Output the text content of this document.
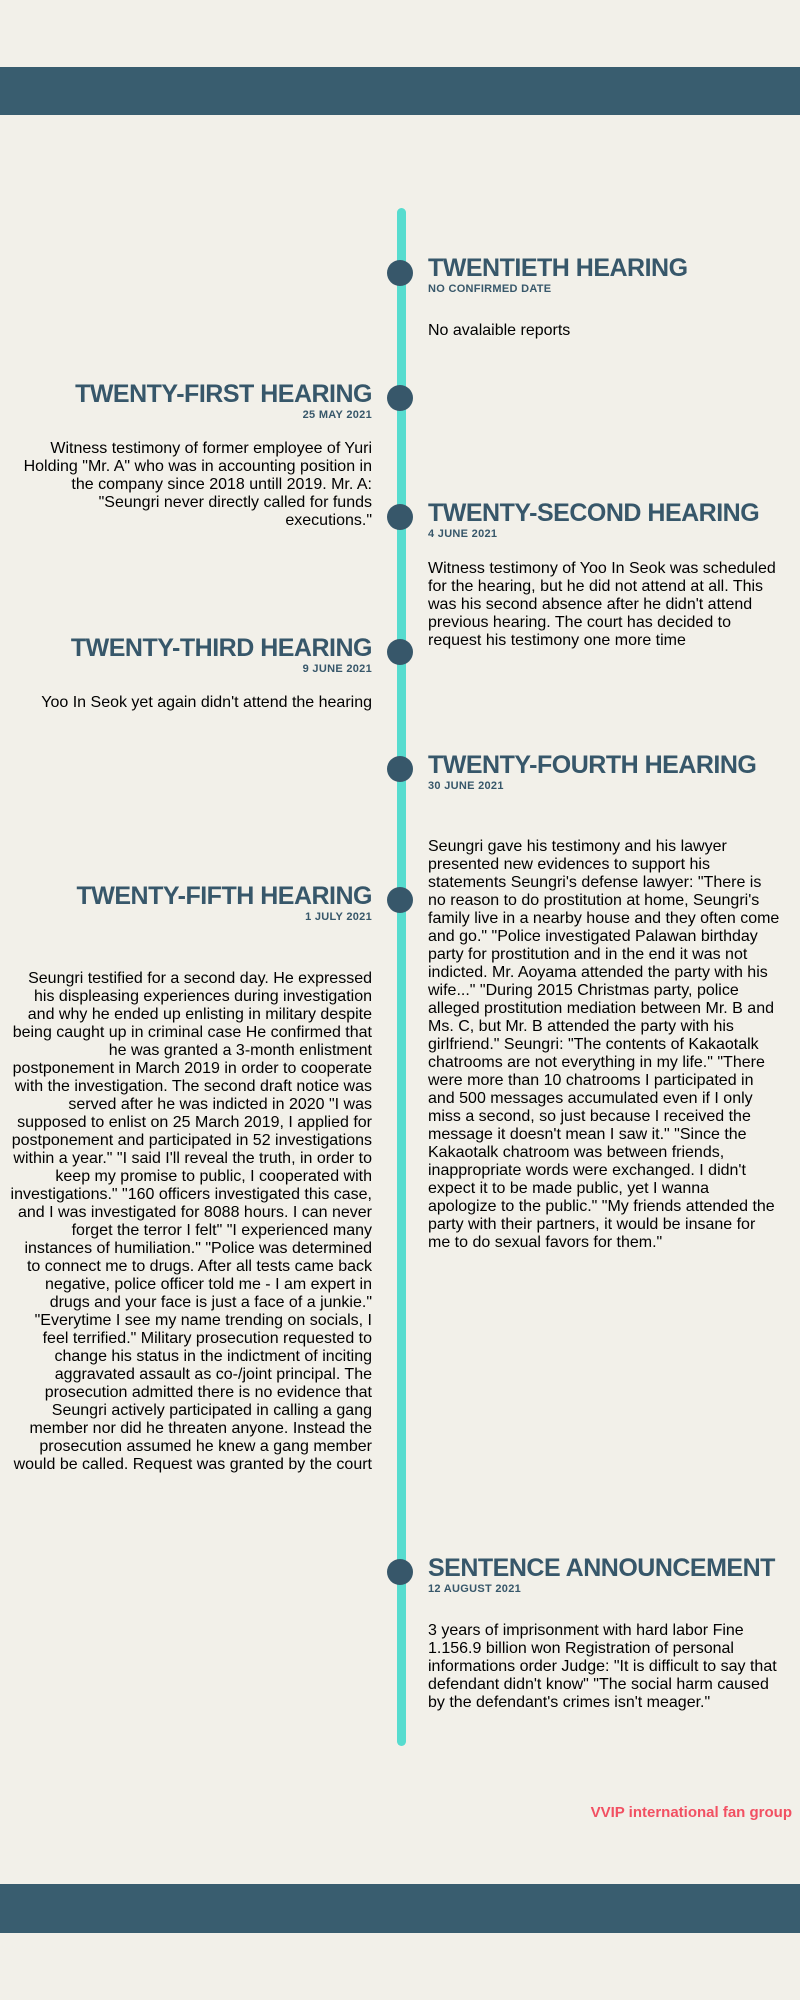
TWENTIETH HEARING
NO CONFIRMED DATE
No avalaible reports
TWENTY-FIRST HEARING
25 MAY 2021
Witness testimony of former employee of Yuri Holding "Mr. A" who was in accounting position in the company since 2018 untill 2019. Mr. A: "Seungri never directly called for funds executions." TWENTY-SECOND HEARING
4 JUNE 2021
Witness testimony of Yoo In Seok was scheduled for the hearing, but he did not attend at all. This was his second absence after he didn't attend previous hearing. The court has decided to request his testimony one more time
TWENTY-THIRD HEARING
9 JUNE 2021
Yoo In Seok yet again didn't attend the hearing
TWENTY-FOURTH HEARING
30 JUNE 2021
Seungri gave his testimony and his lawyer presented new evidences to support his statements Seungri's defense lawyer: "There is no reason to do prostitution at home, Seungri's family live in a nearby house and they often come and go." "Police investigated Palawan birthday party for prostitution and in the end it was not indicted. Mr. Aoyama attended the party with his wife..." "During 2015 Christmas party, police alleged prostitution mediation between Mr. B and Ms. C, but Mr. B attended the party with his girlfriend." Seungri: "The contents of Kakaotalk chatrooms are not everything in my life." "There were more than 10 chatrooms I participated in and 500 messages accumulated even if I only miss a second, so just because I received the message it doesn't mean I saw it." "Since the Kakaotalk chatroom was between friends, inappropriate words were exchanged. I didn't expect it to be made public, yet I wanna apologize to the public." "My friends attended the party with their partners, it would be insane for me to do sexual favors for them."
TWENTY-FIFTH HEARING
1 JULY 2021
Seungri testified for a second day. He expressed his displeasing experiences during investigation and why he ended up enlisting in military despite being caught up in criminal case He confirmed that he was granted a 3-month enlistment postponement in March 2019 in order to cooperate with the investigation. The second draft notice was served after he was indicted in 2020 "I was supposed to enlist on 25 March 2019, I applied for postponement and participated in 52 investigations within a year." "I said I'll reveal the truth, in order to keep my promise to public, I cooperated with investigations." "160 officers investigated this case, and I was investigated for 8088 hours. I can never forget the terror I felt" "I experienced many instances of humiliation." "Police was determined to connect me to drugs. After all tests came back negative, police officer told me - I am expert in drugs and your face is just a face of a junkie." "Everytime I see my name trending on socials, I feel terrified." Military prosecution requested to change his status in the indictment of inciting aggravated assault as co-/joint principal. The prosecution admitted there is no evidence that Seungri actively participated in calling a gang member nor did he threaten anyone. Instead the prosecution assumed he knew a gang member would be called. Request was granted by the court
SENTENCE ANNOUNCEMENT
12 AUGUST 2021
3 years of imprisonment with hard labor Fine 1.156.9 billion won Registration of personal informations order Judge: "It is difficult to say that defendant didn't know" "The social harm caused by the defendant's crimes isn't meager."
VVIP international fan group
